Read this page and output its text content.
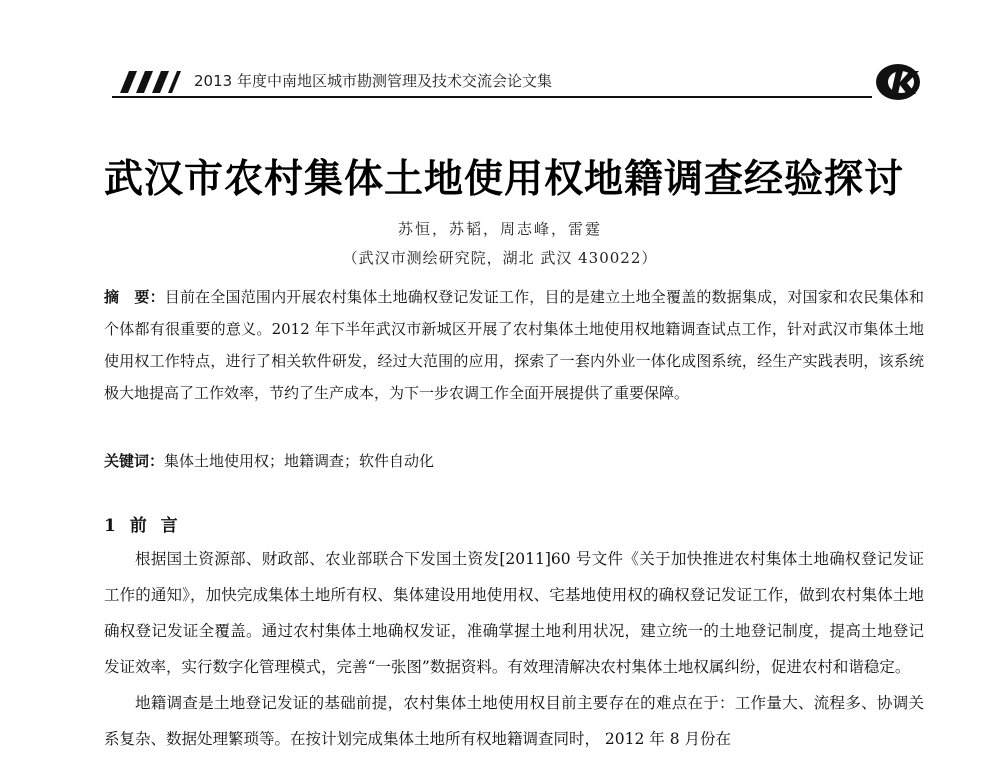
2013 年度中南地区城市勘测管理及技术交流会论文集
武汉市农村集体土地使用权地籍调查经验探讨
苏恒，苏韬，周志峰，雷霆
（武汉市测绘研究院，湖北 武汉 430022）
摘　要：目前在全国范围内开展农村集体土地确权登记发证工作，目的是建立土地全覆盖的数据集成，对国家和农民集体和个体都有很重要的意义。2012 年下半年武汉市新城区开展了农村集体土地使用权地籍调查试点工作，针对武汉市集体土地使用权工作特点，进行了相关软件研发，经过大范围的应用，探索了一套内外业一体化成图系统，经生产实践表明，该系统极大地提高了工作效率，节约了生产成本，为下一步农调工作全面开展提供了重要保障。
关键词：集体土地使用权；地籍调查；软件自动化
1 前 言

根据国土资源部、财政部、农业部联合下发国土资发[2011]60 号文件《关于加快推进农村集体土地确权登记发证工作的通知》，加快完成集体土地所有权、集体建设用地使用权、宅基地使用权的确权登记发证工作，做到农村集体土地确权登记发证全覆盖。通过农村集体土地确权发证，准确掌握土地利用状况，建立统一的土地登记制度，提高土地登记发证效率，实行数字化管理模式，完善“一张图”数据资料。有效理清解决农村集体土地权属纠纷，促进农村和谐稳定。

地籍调查是土地登记发证的基础前提，农村集体土地使用权目前主要存在的难点在于：工作量大、流程多、协调关系复杂、数据处理繁琐等。在按计划完成集体土地所有权地籍调查同时， 2012 年 8 月份在
